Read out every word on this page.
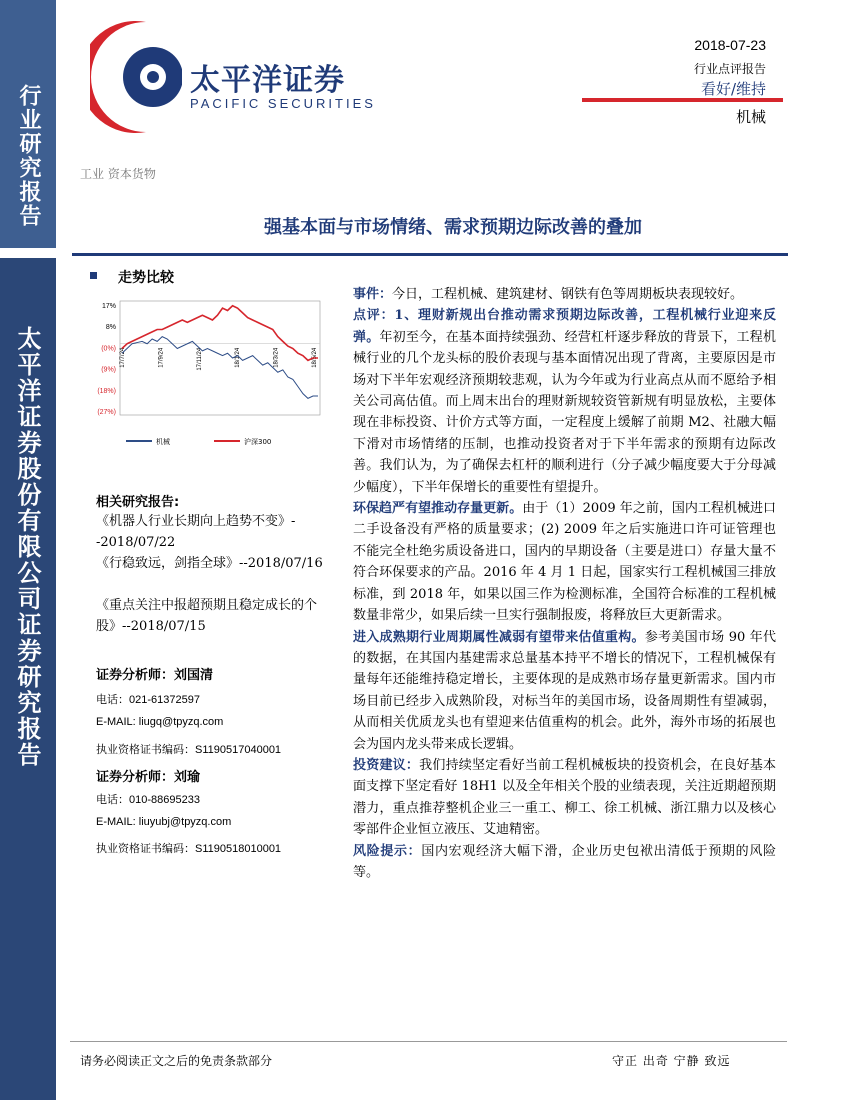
行业研究报告
太平洋证券股份有限公司证券研究报告
太平洋证券
PACIFIC SECURITIES
2018-07-23
行业点评报告
看好/维持
机械
工业 资本货物
强基本面与市场情绪、需求预期边际改善的叠加
走势比较
17%
8%
(0%)
(9%)
(18%)
(27%)
17/7/24	17/9/24	17/11/24	18/1/24	18/3/24	18/5/24
机械	沪深300
相关研究报告:
《机器人行业长期向上趋势不变》--2018/07/22
《行稳致远，剑指全球》--2018/07/16
《重点关注中报超预期且稳定成长的个股》--2018/07/15
证券分析师：刘国清
电话：021-61372597
E-MAIL: liugq@tpyzq.com
执业资格证书编码：S1190517040001
证券分析师：刘瑜
电话：010-88695233
E-MAIL: liuyubj@tpyzq.com
执业资格证书编码：S1190518010001

事件：今日，工程机械、建筑建材、钢铁有色等周期板块表现较好。

点评：1、理财新规出台推动需求预期边际改善，工程机械行业迎来反弹。年初至今，在基本面持续强劲、经营杠杆逐步释放的背景下，工程机械行业的几个龙头标的股价表现与基本面情况出现了背离，主要原因是市场对下半年宏观经济预期较悲观，认为今年或为行业高点从而不愿给予相关公司高估值。而上周末出台的理财新规较资管新规有明显放松，主要体现在非标投资、计价方式等方面，一定程度上缓解了前期 M2、社融大幅下滑对市场情绪的压制，也推动投资者对于下半年需求的预期有边际改善。我们认为，为了确保去杠杆的顺利进行（分子减少幅度要大于分母减少幅度），下半年保增长的重要性有望提升。

环保趋严有望推动存量更新。由于（1）2009 年之前，国内工程机械进口二手设备没有严格的质量要求；(2) 2009 年之后实施进口许可证管理也不能完全杜绝劣质设备进口，国内的早期设备（主要是进口）存量大量不符合环保要求的产品。2016 年 4 月 1 日起，国家实行工程机械国三排放标准，到 2018 年，如果以国三作为检测标准，全国符合标准的工程机械数量非常少，如果后续一旦实行强制报废，将释放巨大更新需求。

进入成熟期行业周期属性减弱有望带来估值重构。参考美国市场 90 年代的数据，在其国内基建需求总量基本持平不增长的情况下，工程机械保有量每年还能维持稳定增长，主要体现的是成熟市场存量更新需求。国内市场目前已经步入成熟阶段，对标当年的美国市场，设备周期性有望减弱，从而相关优质龙头也有望迎来估值重构的机会。此外，海外市场的拓展也会为国内龙头带来成长逻辑。

投资建议：我们持续坚定看好当前工程机械板块的投资机会，在良好基本面支撑下坚定看好 18H1 以及全年相关个股的业绩表现，关注近期超预期潜力，重点推荐整机企业三一重工、柳工、徐工机械、浙江鼎力以及核心零部件企业恒立液压、艾迪精密。

风险提示：国内宏观经济大幅下滑，企业历史包袱出清低于预期的风险等。

请务必阅读正文之后的免责条款部分	守正 出奇 宁静 致远
